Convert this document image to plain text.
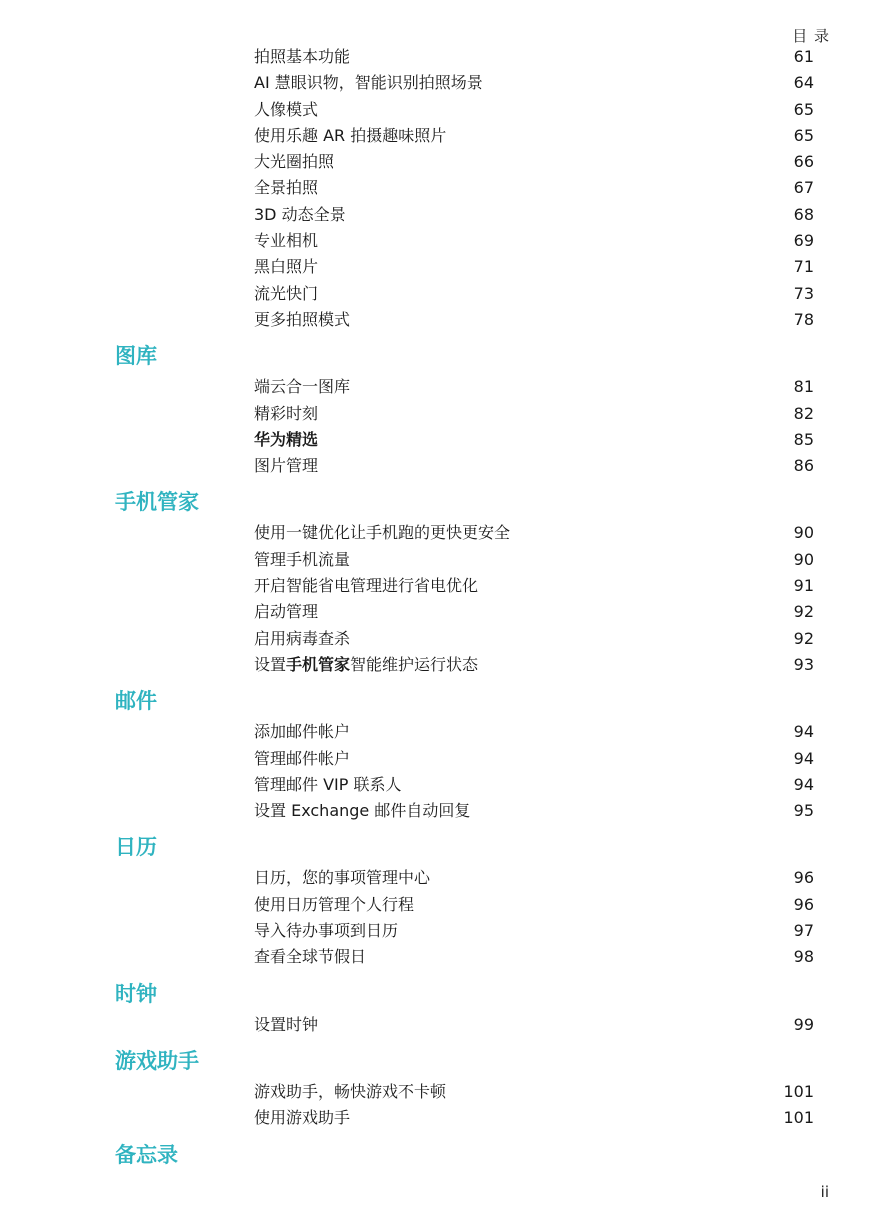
目 录
拍照基本功能	61
AI 慧眼识物，智能识别拍照场景	64
人像模式	65
使用乐趣 AR 拍摄趣味照片	65
大光圈拍照	66
全景拍照	67
3D 动态全景	68
专业相机	69
黑白照片	71
流光快门	73
更多拍照模式	78
图库
端云合一图库	81
精彩时刻	82
华为精选	85
图片管理	86
手机管家
使用一键优化让手机跑的更快更安全	90
管理手机流量	90
开启智能省电管理进行省电优化	91
启动管理	92
启用病毒查杀	92
设置手机管家智能维护运行状态	93
邮件
添加邮件帐户	94
管理邮件帐户	94
管理邮件 VIP 联系人	94
设置 Exchange 邮件自动回复	95
日历
日历，您的事项管理中心	96
使用日历管理个人行程	96
导入待办事项到日历	97
查看全球节假日	98
时钟
设置时钟	99
游戏助手
游戏助手，畅快游戏不卡顿	101
使用游戏助手	101
备忘录
ii
